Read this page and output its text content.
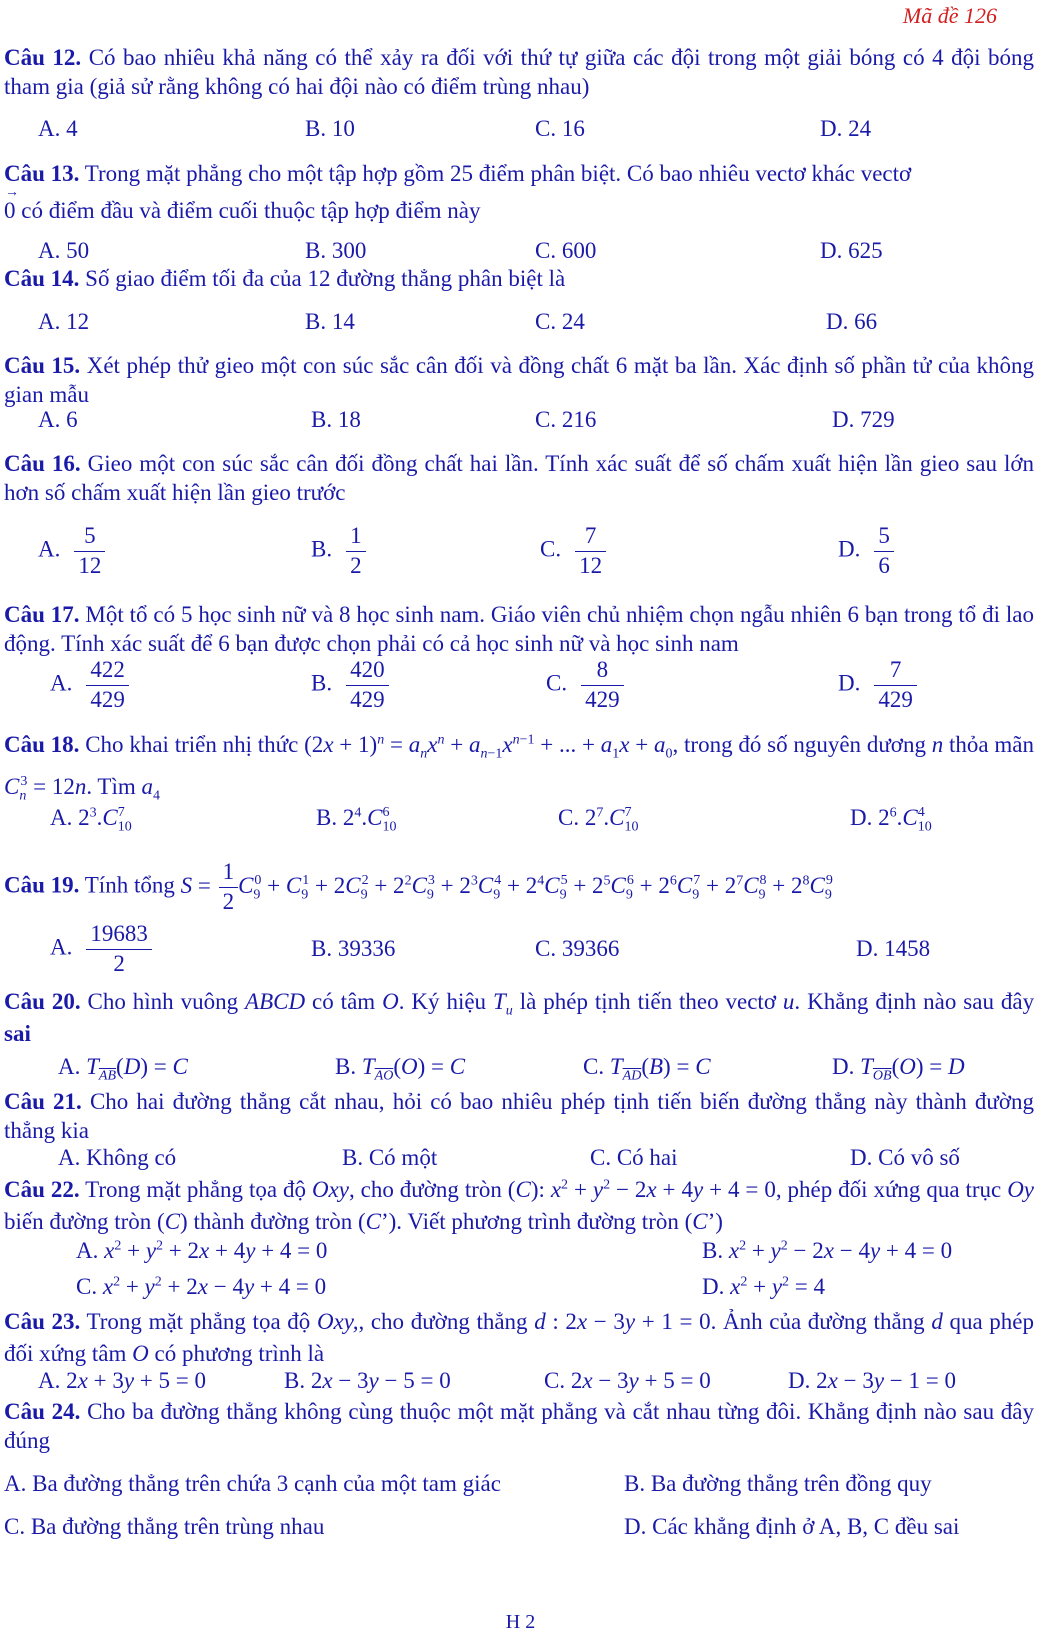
Mã đề 126
Câu 12. Có bao nhiêu khả năng có thể xảy ra đối với thứ tự giữa các đội trong một giải bóng có 4 đội bóng tham gia (giả sử rằng không có hai đội nào có điểm trùng nhau)
A. 4	B. 10	C. 16	D. 24
Câu 13. Trong mặt phẳng cho một tập hợp gồm 25 điểm phân biệt. Có bao nhiêu vectơ khác vectơ

→
0 có điểm đầu và điểm cuối thuộc tập hợp điểm này
A. 50	B. 300	C. 600	D. 625
Câu 14. Số giao điểm tối đa của 12 đường thẳng phân biệt là
A. 12	B. 14	C. 24	D. 66
Câu 15. Xét phép thử gieo một con súc sắc cân đối và đồng chất 6 mặt ba lần. Xác định số phần tử của không gian mẫu
A. 6	B. 18	C. 216	D. 729
Câu 16. Gieo một con súc sắc cân đối đồng chất hai lần. Tính xác suất để số chấm xuất hiện lần gieo sau lớn hơn số chấm xuất hiện lần gieo trước
A. $\frac{5}{12}$	B. $\frac{1}{2}$	C. $\frac{7}{12}$	D. $\frac{5}{6}$
Câu 17. Một tổ có 5 học sinh nữ và 8 học sinh nam. Giáo viên chủ nhiệm chọn ngẫu nhiên 6 bạn trong tổ đi lao động. Tính xác suất để 6 bạn được chọn phải có cả học sinh nữ và học sinh nam
A. $\frac{422}{429}$	B. $\frac{420}{429}$	C. $\frac{8}{429}$	D. $\frac{7}{429}$
Câu 18. Cho khai triển nhị thức $(2x + 1)^n = a_nx^n + a_{n-1}x^{n-1}$ + ... + $a_1x + a_0$, trong đó số nguyên dương n thỏa mãn $C_n^3 = 12n$. Tìm $a_4$
A. $2^3.C_{10}^7$	B. $2^4.C_{10}^6$	C. $2^7.C_{10}^7$	D. $2^6.C_{10}^4$
Câu 19. Tính tổng $S = \frac{1}{2} C_9^0 + C_9^1 + 2C_9^2 + 2^2C_9^3 + 2^3C_9^4 + 2^4C_9^5 + 2^5C_9^6 + 2^6C_9^7 + 2^7C_9^8 + 2^8C_9^9$
A. $\frac{19683}{2}$	B. 39336	C. 39366	D. 1458
Câu 20. Cho hình vuông ABCD có tâm O. Ký hiệu $T_u$ là phép tịnh tiến theo vectơ u. Khẳng định nào sau đây sai
A. $T_{\overline{AB}}(D) = C$	B. $T_{\overline{AO}}(O) = C$	C. $T_{\overline{AD}}(B) = C$	D. $T_{\overline{OB}}(O) = D$
Câu 21. Cho hai đường thẳng cắt nhau, hỏi có bao nhiêu phép tịnh tiến biến đường thẳng này thành đường thẳng kia
A. Không có	B. Có một	C. Có hai	D. Có vô số
Câu 22. Trong mặt phẳng tọa độ Oxy, cho đường tròn (C): $x^2 + y^2 - 2x + 4y + 4 = 0$, phép đối xứng qua trục Oy biến đường tròn (C) thành đường tròn (C’). Viết phương trình đường tròn (C’)
A. $x^2 + y^2 + 2x + 4y + 4 = 0$	B. $x^2 + y^2 - 2x - 4y + 4 = 0$
C. $x^2 + y^2 + 2x - 4y + 4 = 0$	D. $x^2 + y^2 = 4$
Câu 23. Trong mặt phẳng tọa độ Oxy,, cho đường thẳng d : 2x − 3y + 1 = 0. Ảnh của đường thẳng d qua phép đối xứng tâm O có phương trình là
A. 2x + 3y + 5 = 0	B. 2x − 3y − 5 = 0	C. 2x − 3y + 5 = 0	D. 2x − 3y − 1 = 0
Câu 24. Cho ba đường thẳng không cùng thuộc một mặt phẳng và cắt nhau từng đôi. Khẳng định nào sau đây đúng
A. Ba đường thẳng trên chứa 3 cạnh của một tam giác	B. Ba đường thẳng trên đồng quy
C. Ba đường thẳng trên trùng nhau	D. Các khẳng định ở A, B, C đều sai
H 2
